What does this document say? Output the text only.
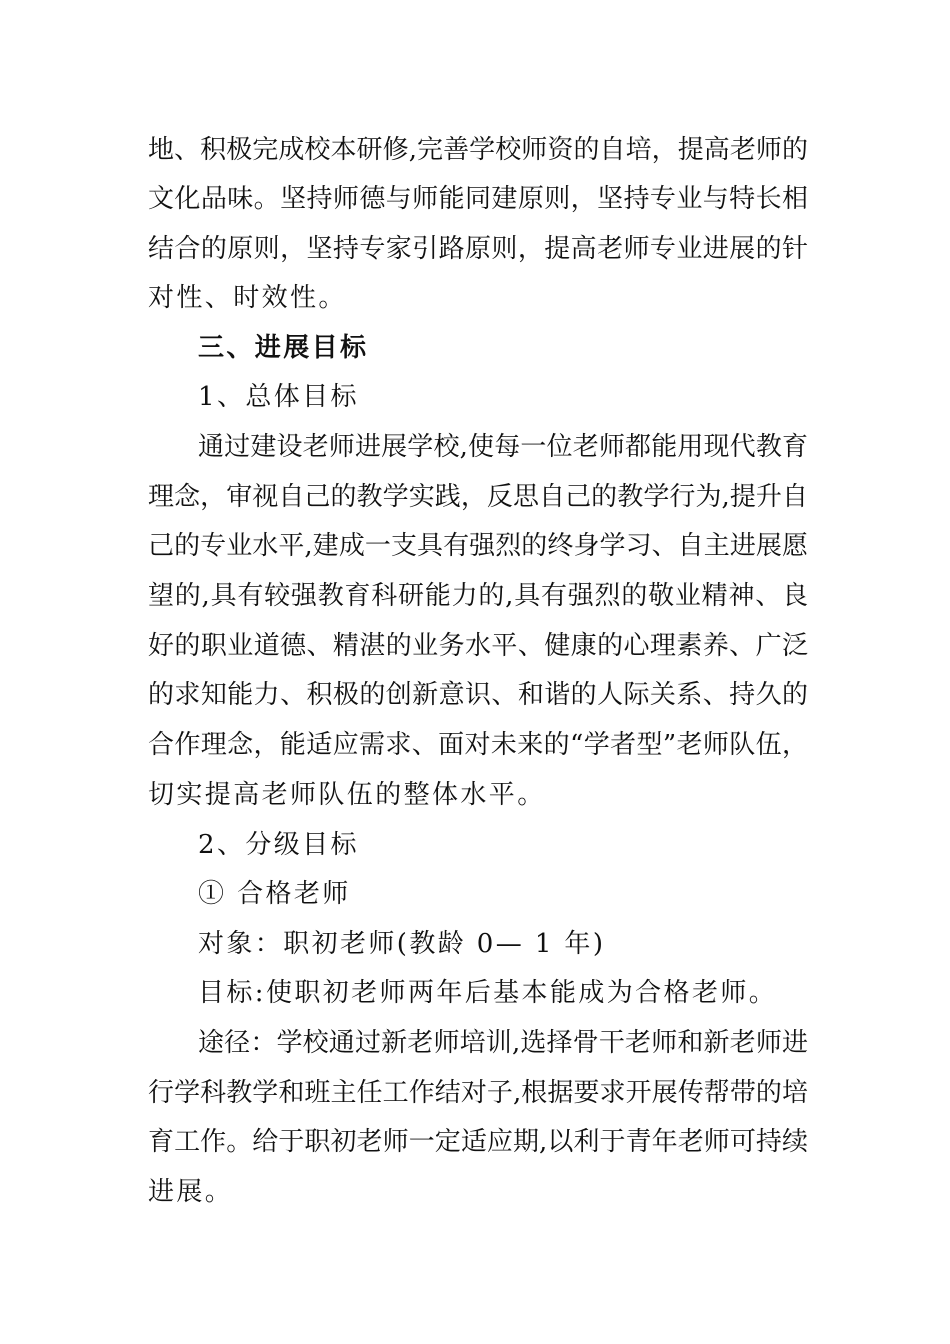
地、积极完成校本研修,完善学校师资的自培，提高老师的
文化品味。坚持师德与师能同建原则，坚持专业与特长相
结合的原则，坚持专家引路原则，提高老师专业进展的针
对性、时效性。
三、进展目标
1、总体目标
通过建设老师进展学校,使每一位老师都能用现代教育
理念，审视自己的教学实践，反思自己的教学行为,提升自
己的专业水平,建成一支具有强烈的终身学习、自主进展愿
望的,具有较强教育科研能力的,具有强烈的敬业精神、良
好的职业道德、精湛的业务水平、健康的心理素养、广泛
的求知能力、积极的创新意识、和谐的人际关系、持久的
合作理念，能适应需求、面对未来的“学者型”老师队伍，
切实提高老师队伍的整体水平。
2、分级目标
① 合格老师
对象：职初老师(教龄 0— 1 年)
目标:使职初老师两年后基本能成为合格老师。
途径：学校通过新老师培训,选择骨干老师和新老师进
行学科教学和班主任工作结对子,根据要求开展传帮带的培
育工作。给于职初老师一定适应期,以利于青年老师可持续
进展。
